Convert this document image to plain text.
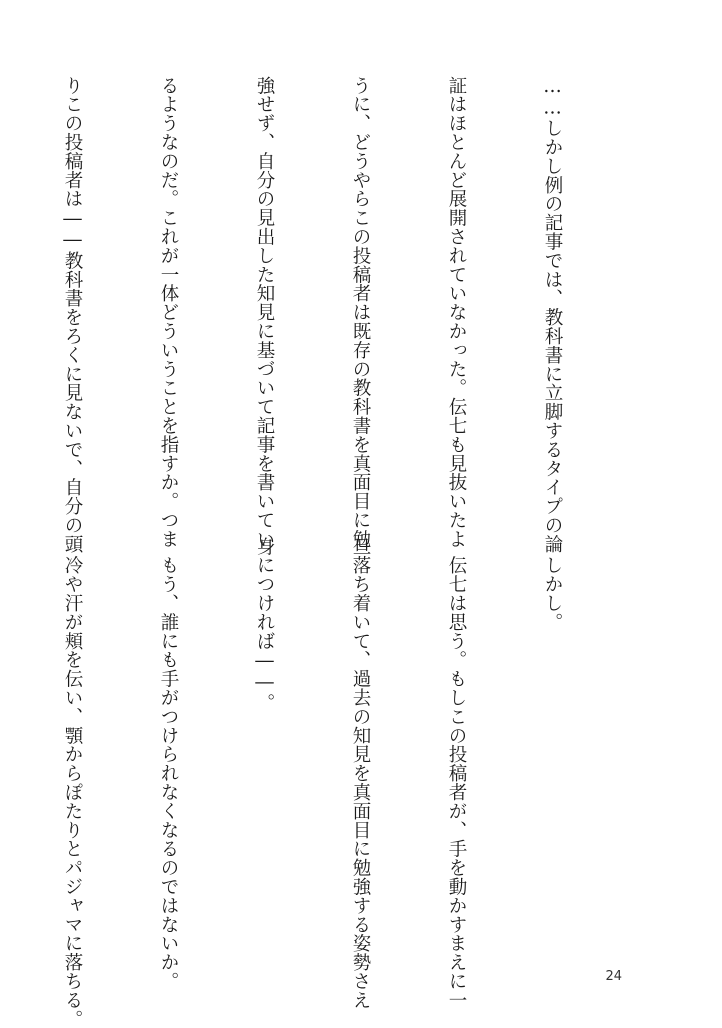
……しかし例の記事では、教科書に立脚するタイプの論

証はほとんど展開されていなかった。伝七も見抜いたよ

うに、どうやらこの投稿者は既存の教科書を真面目に勉

強せず、自分の見出した知見に基づいて記事を書いてい

るようなのだ。これが一体どういうことを指すか。つま

りこの投稿者は――教科書をろくに見ないで、自分の頭

　しかし。

　伝七は思う。もしこの投稿者が、手を動かすまえに一

旦落ち着いて、過去の知見を真面目に勉強する姿勢さえ

身につければ――。

　もう、誰にも手がつけられなくなるのではないか。

　冷や汗が頬を伝い、顎からぽたりとパジャマに落ちる。

	24
